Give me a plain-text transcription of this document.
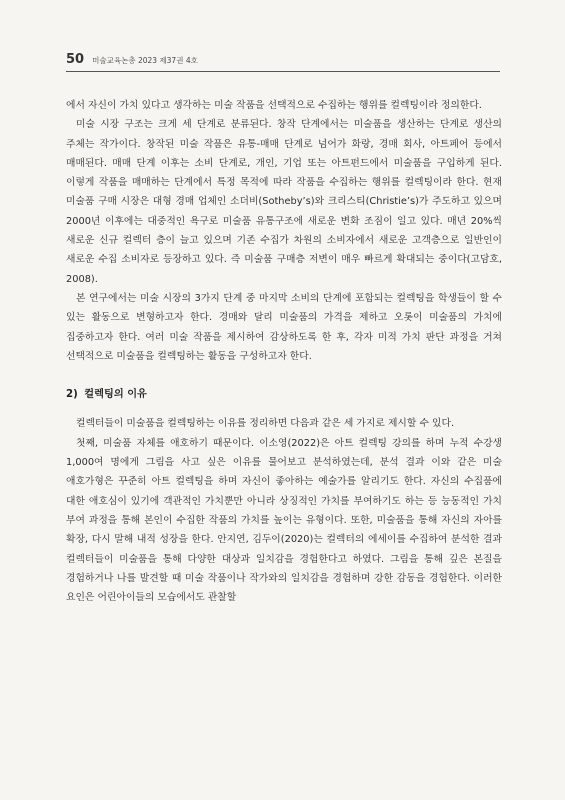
50 미술교육논총 2023 제37권 4호

에서 자신이 가치 있다고 생각하는 미술 작품을 선택적으로 수집하는 행위를 컬렉팅이라 정의한다.

미술 시장 구조는 크게 세 단계로 분류된다. 창작 단계에서는 미술품을 생산하는 단계로 생산의 주체는 작가이다. 창작된 미술 작품은 유통-매매 단계로 넘어가 화랑, 경매 회사, 아트페어 등에서 매매된다. 매매 단계 이후는 소비 단계로, 개인, 기업 또는 아트펀드에서 미술품을 구입하게 된다. 이렇게 작품을 매매하는 단계에서 특정 목적에 따라 작품을 수집하는 행위를 컬렉팅이라 한다. 현재 미술품 구매 시장은 대형 경매 업체인 소더비(Sotheby’s)와 크리스티(Christie’s)가 주도하고 있으며 2000년 이후에는 대중적인 욕구로 미술품 유통구조에 새로운 변화 조짐이 일고 있다. 매년 20%씩 새로운 신규 컬렉터 층이 늘고 있으며 기존 수집가 차원의 소비자에서 새로운 고객층으로 일반인이 새로운 수집 소비자로 등장하고 있다. 즉 미술품 구매층 저변이 매우 빠르게 확대되는 중이다(고담호, 2008).

본 연구에서는 미술 시장의 3가지 단계 중 마지막 소비의 단계에 포함되는 컬렉팅을 학생들이 할 수 있는 활동으로 변형하고자 한다. 경매와 달리 미술품의 가격을 제하고 오롯이 미술품의 가치에 집중하고자 한다. 여러 미술 작품을 제시하여 감상하도록 한 후, 각자 미적 가치 판단 과정을 거쳐 선택적으로 미술품을 컬렉팅하는 활동을 구성하고자 한다.

2) 컬렉팅의 이유

컬렉터들이 미술품을 컬렉팅하는 이유를 정리하면 다음과 같은 세 가지로 제시할 수 있다.

첫째, 미술품 자체를 애호하기 때문이다. 이소영(2022)은 아트 컬렉팅 강의를 하며 누적 수강생 1,000여 명에게 그림을 사고 싶은 이유를 물어보고 분석하였는데, 분석 결과 이와 같은 미술 애호가형은 꾸준히 아트 컬렉팅을 하며 자신이 좋아하는 예술가를 알리기도 한다. 자신의 수집품에 대한 애호심이 있기에 객관적인 가치뿐만 아니라 상징적인 가치를 부여하기도 하는 등 능동적인 가치 부여 과정을 통해 본인이 수집한 작품의 가치를 높이는 유형이다. 또한, 미술품을 통해 자신의 자아를 확장, 다시 말해 내적 성장을 한다. 안지연, 김두이(2020)는 컬렉터의 에세이를 수집하여 분석한 결과 컬렉터들이 미술품을 통해 다양한 대상과 일치감을 경험한다고 하였다. 그림을 통해 깊은 본질을 경험하거나 나를 발견할 때 미술 작품이나 작가와의 일치감을 경험하며 강한 감동을 경험한다. 이러한 요인은 어린아이들의 모습에서도 관찰할
